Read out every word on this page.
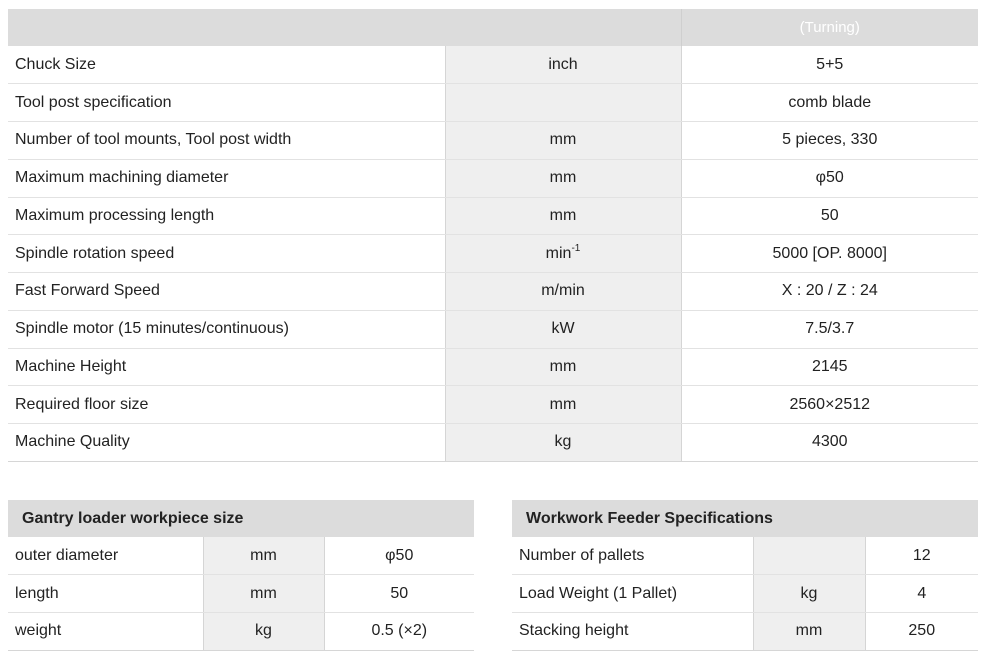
		(Turning)
Chuck Size	inch	5+5
Tool post specification		comb blade
Number of tool mounts, Tool post width	mm	5 pieces, 330
Maximum machining diameter	mm	φ50
Maximum processing length	mm	50
Spindle rotation speed	$\min^{-1}$	5000 [OP. 8000]
Fast Forward Speed	m/min	X : 20 / Z : 24
Spindle motor (15 minutes/continuous)	kW	7.5/3.7
Machine Height	mm	2145
Required floor size	mm	2560×2512
Machine Quality	kg	4300
Gantry loader workpiece size		
outer diameter	mm	φ50
length	mm	50
weight	kg	0.5 (×2)
Workwork Feeder Specifications		
Number of pallets		12
Load Weight (1 Pallet)	kg	4
Stacking height	mm	250
